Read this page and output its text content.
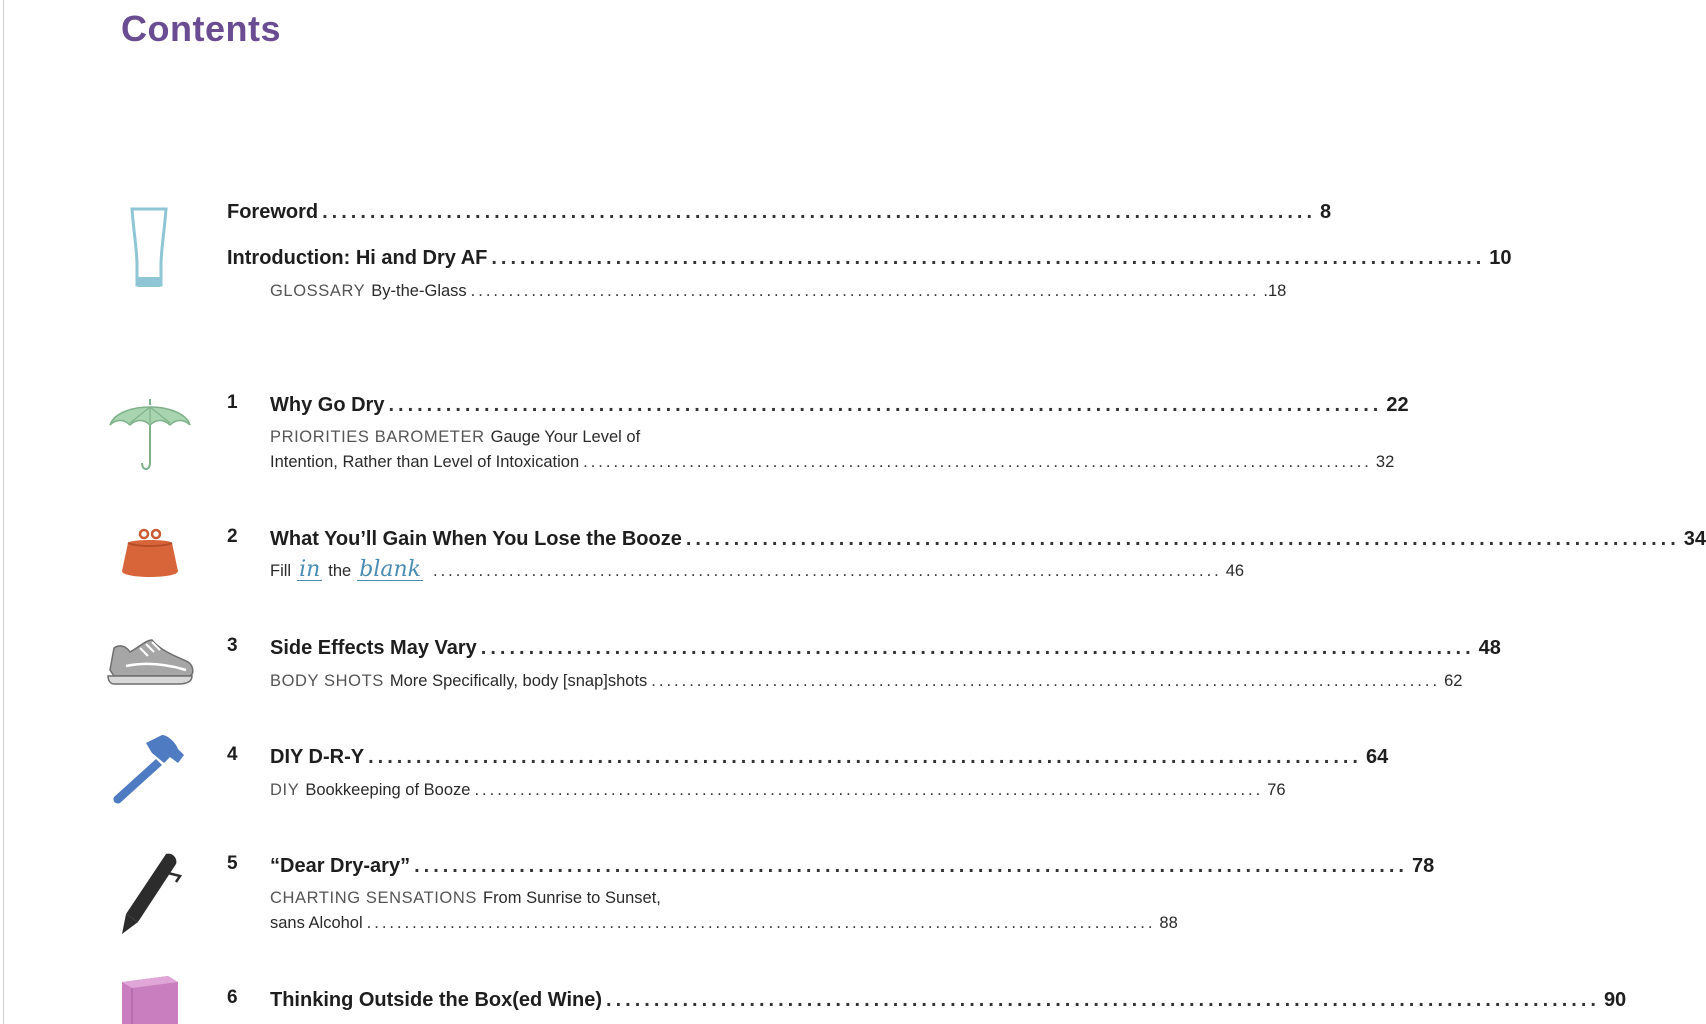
Contents
Foreword ........................................................................................................ 8
Introduction: Hi and Dry AF ........................................................................................................ 10
GLOSSARY By-the-Glass ........................................................................................................ .18
1 Why Go Dry ........................................................................................................ 22
PRIORITIES BAROMETER Gauge Your Level of
Intention, Rather than Level of Intoxication ........................................................................................................ 32
2 What You’ll Gain When You Lose the Booze ........................................................................................................ 34
Fill in the blank ........................................................................................................ 46
3 Side Effects May Vary ........................................................................................................ 48
BODY SHOTS More Specifically, body [snap]shots ........................................................................................................ 62
4 DIY D-R-Y ........................................................................................................ 64
DIY Bookkeeping of Booze ........................................................................................................ 76
5 “Dear Dry-ary” ........................................................................................................ 78
CHARTING SENSATIONS From Sunrise to Sunset,
sans Alcohol ........................................................................................................ 88
6 Thinking Outside the Box(ed Wine) ........................................................................................................ 90
